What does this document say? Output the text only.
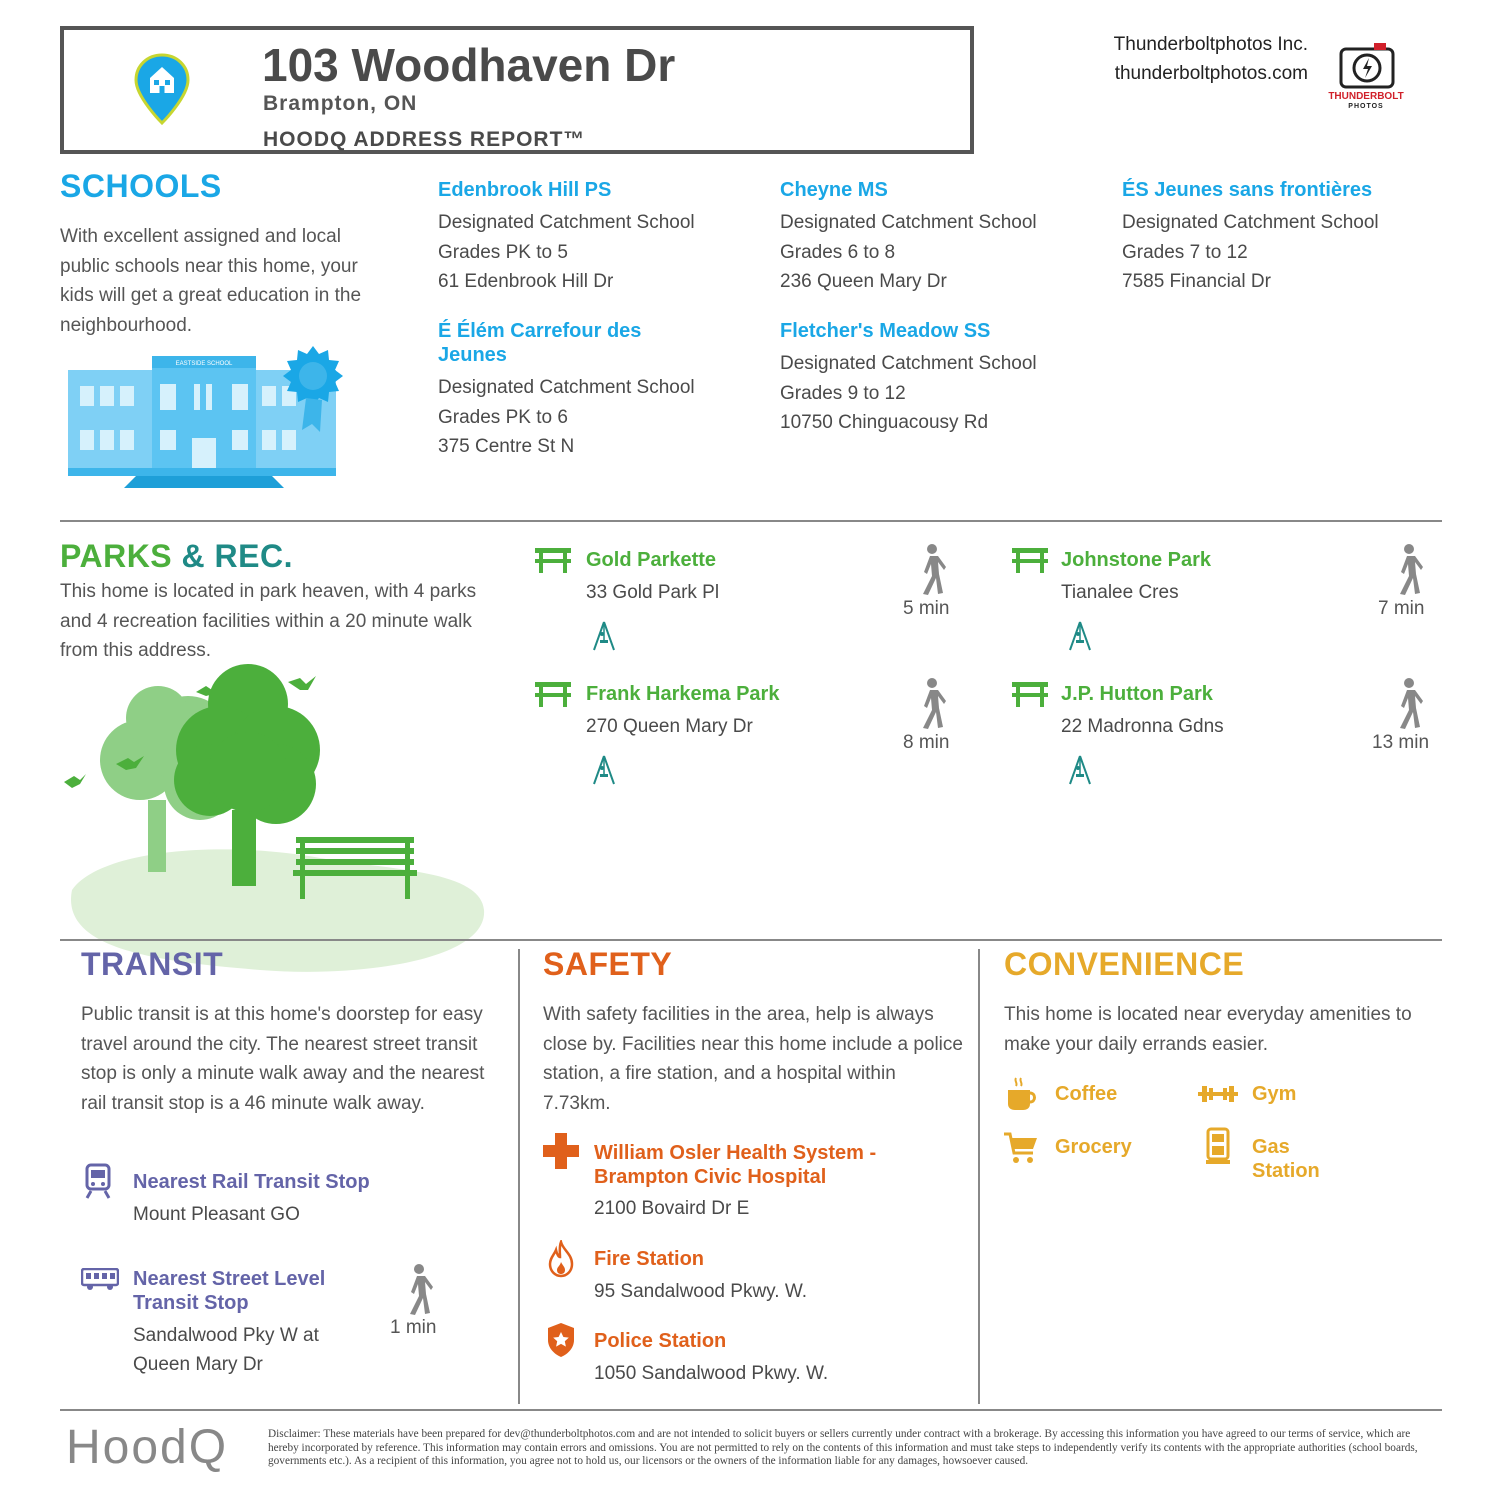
103 Woodhaven Dr
Brampton, ON
HOODQ ADDRESS REPORT™
Thunderboltphotos Inc.
thunderboltphotos.com
THUNDERBOLT
PHOTOS
SCHOOLS
With excellent assigned and local public schools near this home, your kids will get a great education in the neighbourhood.
EASTSIDE SCHOOL
Edenbrook Hill PS
Designated Catchment School
Grades PK to 5
61 Edenbrook Hill Dr
Cheyne MS
Designated Catchment School
Grades 6 to 8
236 Queen Mary Dr
ÉS Jeunes sans frontières
Designated Catchment School
Grades 7 to 12
7585 Financial Dr
É Élém Carrefour des Jeunes
Designated Catchment School
Grades PK to 6
375 Centre St N
Fletcher's Meadow SS
Designated Catchment School
Grades 9 to 12
10750 Chinguacousy Rd
PARKS & REC.
This home is located in park heaven, with 4 parks and 4 recreation facilities within a 20 minute walk from this address.
Gold Parkette
33 Gold Park Pl
5 min
Johnstone Park
Tianalee Cres
7 min
Frank Harkema Park
270 Queen Mary Dr
8 min
J.P. Hutton Park
22 Madronna Gdns
13 min
TRANSIT
Public transit is at this home's doorstep for easy travel around the city. The nearest street transit stop is only a minute walk away and the nearest rail transit stop is a 46 minute walk away.
Nearest Rail Transit Stop
Mount Pleasant GO
Nearest Street Level Transit Stop
Sandalwood Pky W at
Queen Mary Dr
1 min
SAFETY
With safety facilities in the area, help is always close by. Facilities near this home include a police station, a fire station, and a hospital within 7.73km.
William Osler Health System - Brampton Civic Hospital
2100 Bovaird Dr E
Fire Station
95 Sandalwood Pkwy. W.
Police Station
1050 Sandalwood Pkwy. W.
CONVENIENCE
This home is located near everyday amenities to make your daily errands easier.
Coffee	Gym
Grocery	Gas Station
HoodQ	Disclaimer: These materials have been prepared for dev@thunderboltphotos.com and are not intended to solicit buyers or sellers currently under contract with a brokerage. By accessing this information you have agreed to our terms of service, which are hereby incorporated by reference. This information may contain errors and omissions. You are not permitted to rely on the contents of this information and must take steps to independently verify its contents with the appropriate authorities (school boards, governments etc.). As a recipient of this information, you agree not to hold us, our licensors or the owners of the information liable for any damages, howsoever caused.
